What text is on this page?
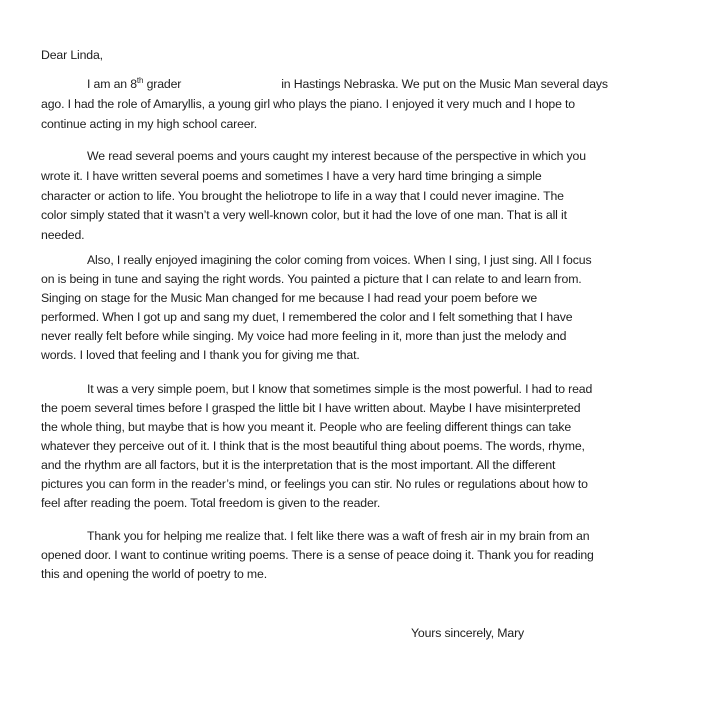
Dear Linda,
I am an 8th grader	in Hastings Nebraska. We put on the Music Man several days
ago. I had the role of Amaryllis, a young girl who plays the piano. I enjoyed it very much and I hope to
continue acting in my high school career.
We read several poems and yours caught my interest because of the perspective in which you
wrote it. I have written several poems and sometimes I have a very hard time bringing a simple
character or action to life. You brought the heliotrope to life in a way that I could never imagine. The
color simply stated that it wasn’t a very well-known color, but it had the love of one man. That is all it
needed.
Also, I really enjoyed imagining the color coming from voices. When I sing, I just sing. All I focus
on is being in tune and saying the right words. You painted a picture that I can relate to and learn from.
Singing on stage for the Music Man changed for me because I had read your poem before we
performed. When I got up and sang my duet, I remembered the color and I felt something that I have
never really felt before while singing. My voice had more feeling in it, more than just the melody and
words. I loved that feeling and I thank you for giving me that.
It was a very simple poem, but I know that sometimes simple is the most powerful. I had to read
the poem several times before I grasped the little bit I have written about. Maybe I have misinterpreted
the whole thing, but maybe that is how you meant it. People who are feeling different things can take
whatever they perceive out of it. I think that is the most beautiful thing about poems. The words, rhyme,
and the rhythm are all factors, but it is the interpretation that is the most important. All the different
pictures you can form in the reader’s mind, or feelings you can stir. No rules or regulations about how to
feel after reading the poem. Total freedom is given to the reader.
Thank you for helping me realize that. I felt like there was a waft of fresh air in my brain from an
opened door. I want to continue writing poems. There is a sense of peace doing it. Thank you for reading
this and opening the world of poetry to me.
Yours sincerely, Mary
